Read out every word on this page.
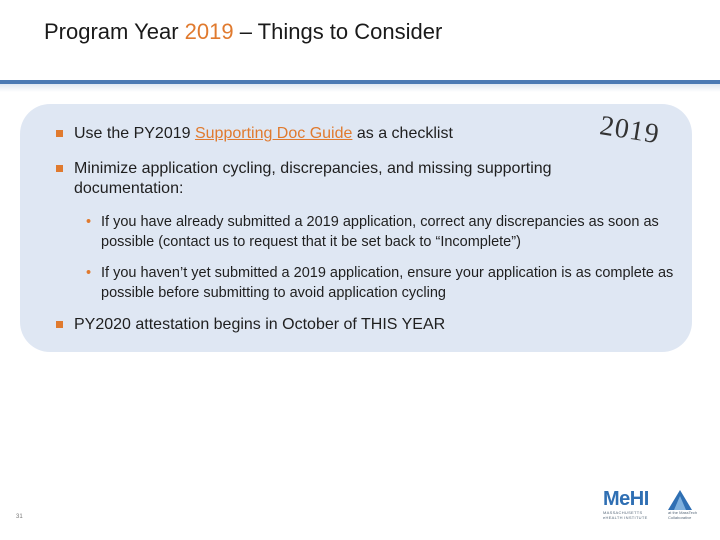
Program Year 2019 – Things to Consider
2019
Use the PY2019 Supporting Doc Guide as a checklist
Minimize application cycling, discrepancies, and missing supporting documentation:
• If you have already submitted a 2019 application, correct any discrepancies as soon as possible (contact us to request that it be set back to “Incomplete”)
• If you haven’t yet submitted a 2019 application, ensure your application is as complete as possible before submitting to avoid application cycling
PY2020 attestation begins in October of THIS YEAR
31
MeHI
MASSACHUSETTS
eHEALTH INSTITUTE
at the MassTech Collaborative
